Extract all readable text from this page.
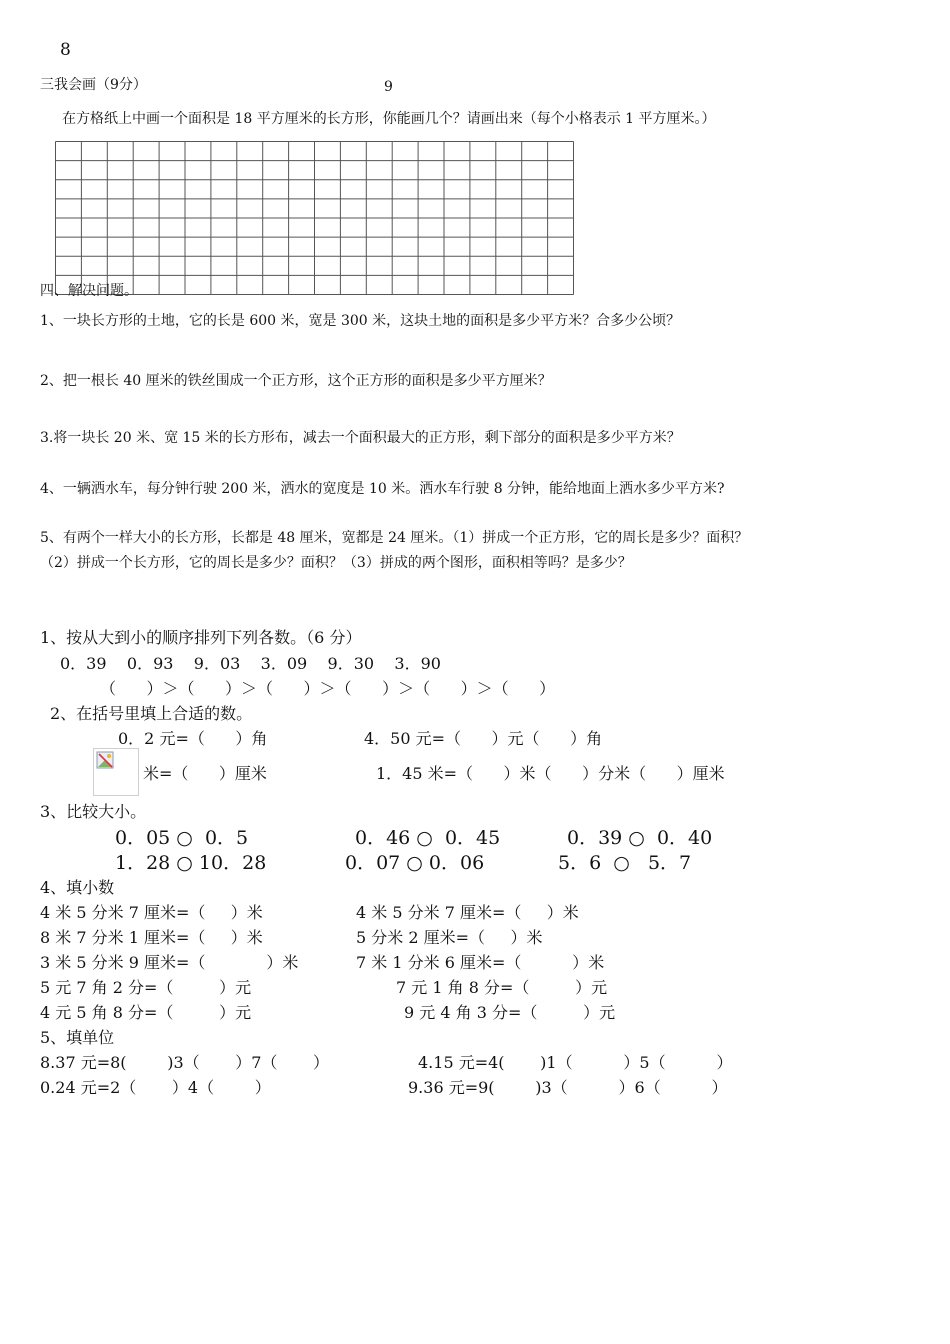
8
三我会画（9分）	9
在方格纸上中画一个面积是 18 平方厘米的长方形，你能画几个？请画出来（每个小格表示 1 平方厘米。）
四、解决问题。
1、一块长方形的土地，它的长是 600 米，宽是 300 米，这块土地的面积是多少平方米？合多少公顷？
2、把一根长 40 厘米的铁丝围成一个正方形，这个正方形的面积是多少平方厘米？
3.将一块长 20 米、宽 15 米的长方形布，减去一个面积最大的正方形，剩下部分的面积是多少平方米？
4、一辆洒水车，每分钟行驶 200 米，洒水的宽度是 10 米。洒水车行驶 8 分钟，能给地面上洒水多少平方米?
5、有两个一样大小的长方形，长都是 48 厘米，宽都是 24 厘米。（1）拼成一个正方形，它的周长是多少？面积？
（2）拼成一个长方形，它的周长是多少？面积？（3）拼成的两个图形，面积相等吗？是多少？
1、按从大到小的顺序排列下列各数。（6 分）
0．39    0．93    9．03    3．09    9．30    3．90
（      ）＞（      ）＞（      ）＞（      ）＞（      ）＞（      ）
2、在括号里填上合适的数。
0．2 元=（      ）角	4．50 元=（      ）元（      ）角
米=（      ）厘米	1．45 米=（      ）米（      ）分米（      ）厘米
3、比较大小。
0．05 ○  0．5	0．46 ○  0．45	0．39 ○  0．40
1．28 ○ 10．28	0．07 ○ 0．06	5．6  ○   5．7
4、填小数
4 米 5 分米 7 厘米=（     ）米	4 米 5 分米 7 厘米=（     ）米
8 米 7 分米 1 厘米=（     ）米	5 分米 2 厘米=（     ）米
3 米 5 分米 9 厘米=（            ）米	7 米 1 分米 6 厘米=（          ）米
5 元 7 角 2 分=（         ）元	7 元 1 角 8 分=（         ）元
4 元 5 角 8 分=（         ）元	9 元 4 角 3 分=（         ）元
5、填单位
8.37 元=8(        )3（       ）7（       ）	4.15 元=4(       )1（          ）5（          ）
0.24 元=2（       ）4（        ）	9.36 元=9(        )3（          ）6（          ）
